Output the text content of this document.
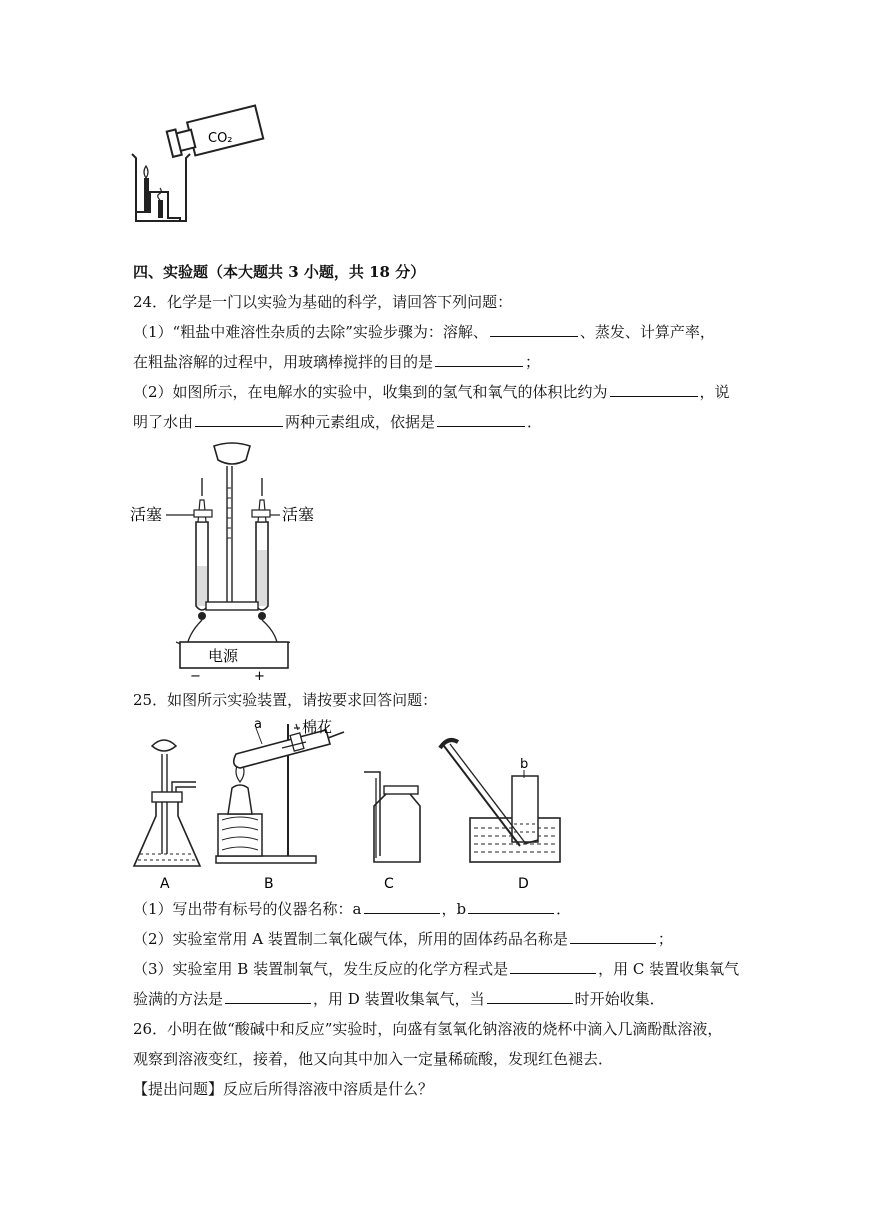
CO₂
四、实验题（本大题共 3 小题，共 18 分）
24．化学是一门以实验为基础的科学，请回答下列问题：
（1）“粗盐中难溶性杂质的去除”实验步骤为：溶解、	、蒸发、计算产率，
在粗盐溶解的过程中，用玻璃棒搅拌的目的是	；
（2）如图所示，在电解水的实验中，收集到的氢气和氧气的体积比约为	，说
明了水由	两种元素组成，依据是	．
电源
−	+
活塞	活塞
25．如图所示实验装置，请按要求回答问题：
A
a	棉花
B	C
b
D
（1）写出带有标号的仪器名称：a	，b	．
（2）实验室常用 A 装置制二氧化碳气体，所用的固体药品名称是	；
（3）实验室用 B 装置制氧气，发生反应的化学方程式是	，用 C 装置收集氧气
验满的方法是	，用 D 装置收集氧气，当	时开始收集．
26．小明在做“酸碱中和反应”实验时，向盛有氢氧化钠溶液的烧杯中滴入几滴酚酞溶液，
观察到溶液变红，接着，他又向其中加入一定量稀硫酸，发现红色褪去．
【提出问题】反应后所得溶液中溶质是什么？
